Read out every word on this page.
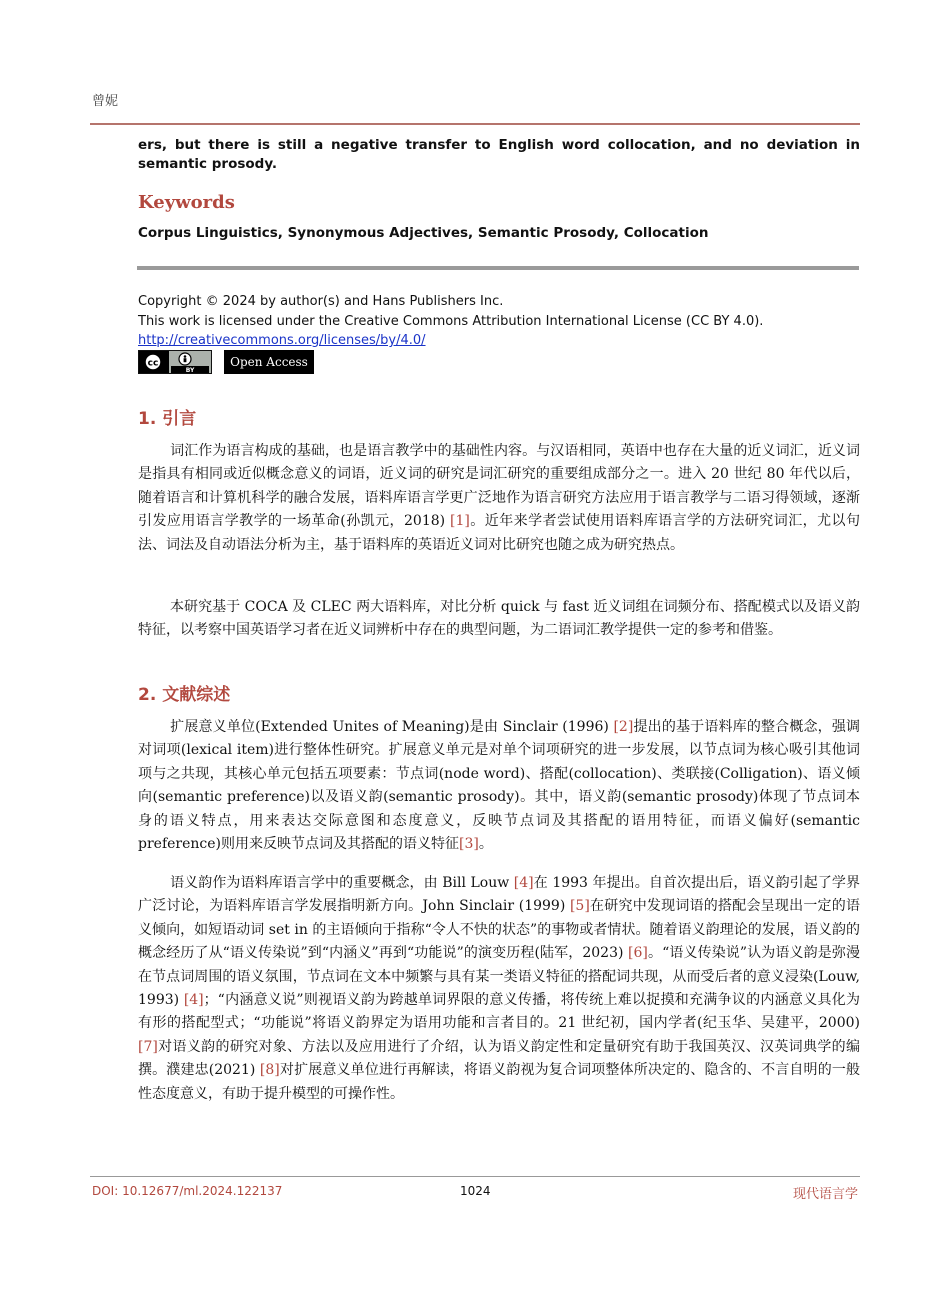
曾妮
ers, but there is still a negative transfer to English word collocation, and no deviation in semantic prosody.
Keywords
Corpus Linguistics, Synonymous Adjectives, Semantic Prosody, Collocation
Copyright © 2024 by author(s) and Hans Publishers Inc.
This work is licensed under the Creative Commons Attribution International License (CC BY 4.0).
http://creativecommons.org/licenses/by/4.0/
cc
BY
Open Access
1. 引言

词汇作为语言构成的基础，也是语言教学中的基础性内容。与汉语相同，英语中也存在大量的近义词汇，近义词是指具有相同或近似概念意义的词语，近义词的研究是词汇研究的重要组成部分之一。进入 20 世纪 80 年代以后，随着语言和计算机科学的融合发展，语料库语言学更广泛地作为语言研究方法应用于语言教学与二语习得领域，逐渐引发应用语言学教学的一场革命(孙凯元，2018) [1]。近年来学者尝试使用语料库语言学的方法研究词汇，尤以句法、词法及自动语法分析为主，基于语料库的英语近义词对比研究也随之成为研究热点。

本研究基于 COCA 及 CLEC 两大语料库，对比分析 quick 与 fast 近义词组在词频分布、搭配模式以及语义韵特征，以考察中国英语学习者在近义词辨析中存在的典型问题，为二语词汇教学提供一定的参考和借鉴。

2. 文献综述

扩展意义单位(Extended Unites of Meaning)是由 Sinclair (1996) [2]提出的基于语料库的整合概念，强调对词项(lexical item)进行整体性研究。扩展意义单元是对单个词项研究的进一步发展，以节点词为核心吸引其他词项与之共现，其核心单元包括五项要素：节点词(node word)、搭配(collocation)、类联接(Colligation)、语义倾向(semantic preference)以及语义韵(semantic prosody)。其中，语义韵(semantic prosody)体现了节点词本身的语义特点，用来表达交际意图和态度意义，反映节点词及其搭配的语用特征，而语义偏好(semantic preference)则用来反映节点词及其搭配的语义特征[3]。

语义韵作为语料库语言学中的重要概念，由 Bill Louw [4]在 1993 年提出。自首次提出后，语义韵引起了学界广泛讨论，为语料库语言学发展指明新方向。John Sinclair (1999) [5]在研究中发现词语的搭配会呈现出一定的语义倾向，如短语动词 set in 的主语倾向于指称“令人不快的状态”的事物或者情状。随着语义韵理论的发展，语义韵的概念经历了从“语义传染说”到“内涵义”再到“功能说”的演变历程(陆军，2023) [6]。“语义传染说”认为语义韵是弥漫在节点词周围的语义氛围，节点词在文本中频繁与具有某一类语义特征的搭配词共现，从而受后者的意义浸染(Louw, 1993) [4]；“内涵意义说”则视语义韵为跨越单词界限的意义传播，将传统上难以捉摸和充满争议的内涵意义具化为有形的搭配型式；“功能说”将语义韵界定为语用功能和言者目的。21 世纪初，国内学者(纪玉华、吴建平，2000) [7]对语义韵的研究对象、方法以及应用进行了介绍，认为语义韵定性和定量研究有助于我国英汉、汉英词典学的编撰。濮建忠(2021) [8]对扩展意义单位进行再解读，将语义韵视为复合词项整体所决定的、隐含的、不言自明的一般性态度意义，有助于提升模型的可操作性。

DOI: 10.12677/ml.2024.122137	1024	现代语言学
